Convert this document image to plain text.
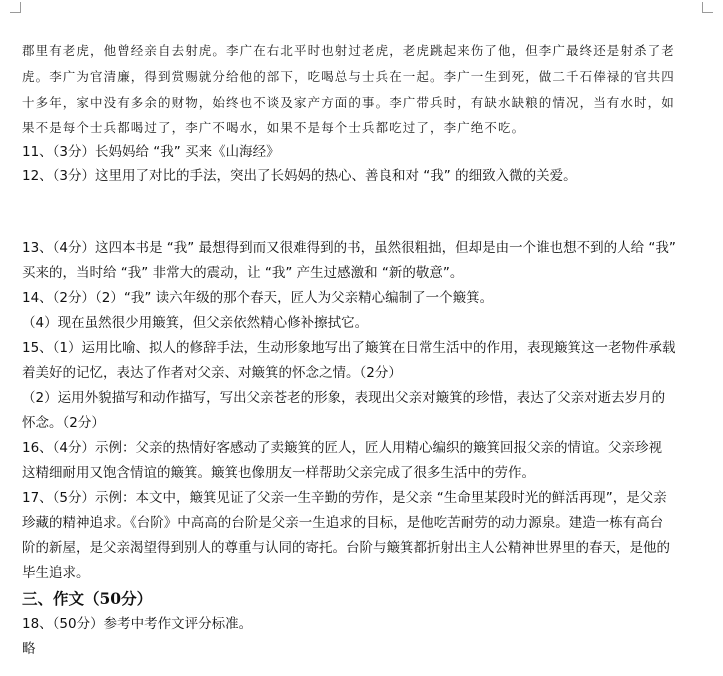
郡里有老虎，他曾经亲自去射虎。李广在右北平时也射过老虎，老虎跳起来伤了他，但李广最终还是射杀了老
虎。李广为官清廉，得到赏赐就分给他的部下，吃喝总与士兵在一起。李广一生到死，做二千石俸禄的官共四
十多年，家中没有多余的财物，始终也不谈及家产方面的事。李广带兵时，有缺水缺粮的情况，当有水时，如
果不是每个士兵都喝过了，李广不喝水，如果不是每个士兵都吃过了，李广绝不吃。
11、（3分）长妈妈给 “我” 买来《山海经》
12、（3分）这里用了对比的手法，突出了长妈妈的热心、善良和对 “我” 的细致入微的关爱。
13、（4分）这四本书是 “我” 最想得到而又很难得到的书，虽然很粗拙，但却是由一个谁也想不到的人给 “我”
买来的，当时给 “我” 非常大的震动，让 “我” 产生过感激和 “新的敬意”。
14、（2分）（2）“我” 读六年级的那个春天，匠人为父亲精心编制了一个簸箕。
（4）现在虽然很少用簸箕，但父亲依然精心修补擦拭它。
15、（1）运用比喻、拟人的修辞手法，生动形象地写出了簸箕在日常生活中的作用，表现簸箕这一老物件承载
着美好的记忆，表达了作者对父亲、对簸箕的怀念之情。（2分）
（2）运用外貌描写和动作描写，写出父亲苍老的形象，表现出父亲对簸箕的珍惜，表达了父亲对逝去岁月的
怀念。（2分）
16、（4分）示例：父亲的热情好客感动了卖簸箕的匠人，匠人用精心编织的簸箕回报父亲的情谊。父亲珍视
这精细耐用又饱含情谊的簸箕。簸箕也像朋友一样帮助父亲完成了很多生活中的劳作。
17、（5分）示例：本文中，簸箕见证了父亲一生辛勤的劳作，是父亲 “生命里某段时光的鲜活再现”，是父亲
珍藏的精神追求。《台阶》中高高的台阶是父亲一生追求的目标，是他吃苦耐劳的动力源泉。建造一栋有高台
阶的新屋，是父亲渴望得到别人的尊重与认同的寄托。台阶与簸箕都折射出主人公精神世界里的春天，是他的
毕生追求。
三、作文（50分）
18、（50分）参考中考作文评分标准。
略
